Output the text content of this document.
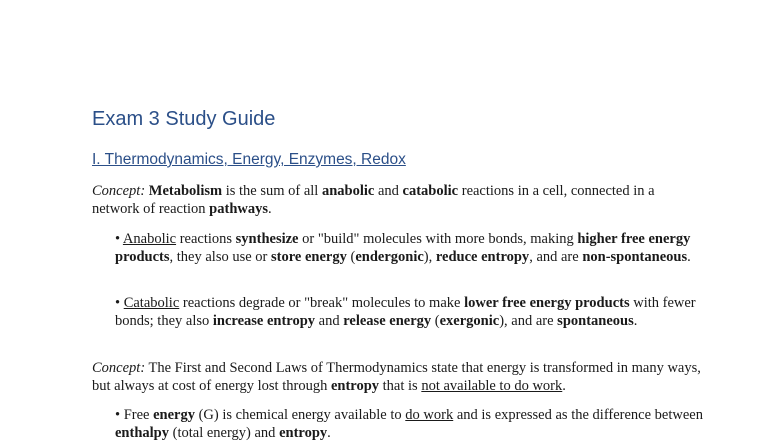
Exam 3 Study Guide
I. Thermodynamics, Energy, Enzymes, Redox

Concept: Metabolism is the sum of all anabolic and catabolic reactions in a cell, connected in a network of reaction pathways.

• Anabolic reactions synthesize or "build" molecules with more bonds, making higher free energy products, they also use or store energy (endergonic), reduce entropy, and are non-spontaneous.

• Catabolic reactions degrade or "break" molecules to make lower free energy products with fewer bonds; they also increase entropy and release energy (exergonic), and are spontaneous.

Concept: The First and Second Laws of Thermodynamics state that energy is transformed in many ways, but always at cost of energy lost through entropy that is not available to do work.

• Free energy (G) is chemical energy available to do work and is expressed as the difference between enthalpy (total energy) and entropy.
